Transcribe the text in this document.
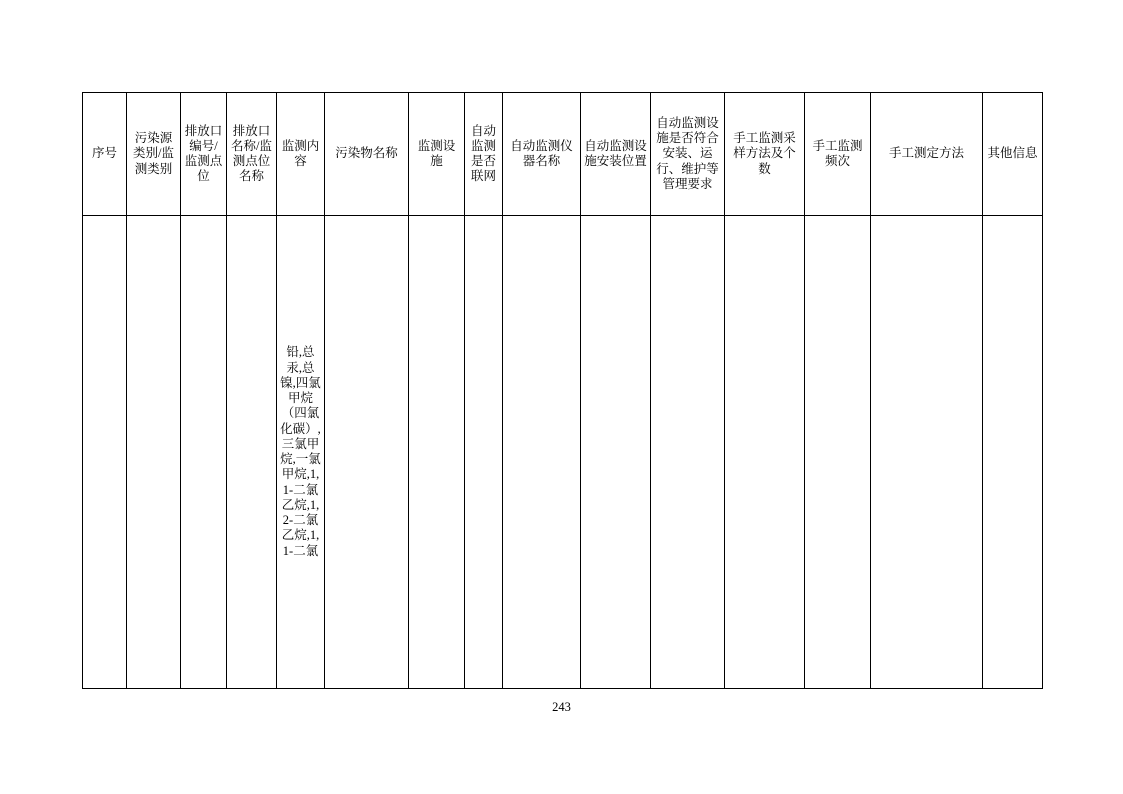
序号	污染源类别/监测类别	排放口编号/监测点位	排放口名称/监测点位名称	监测内容	污染物名称	监测设施	自动监测是否联网	自动监测仪器名称	自动监测设施安装位置	自动监测设施是否符合安装、运行、维护等管理要求	手工监测采样方法及个数	手工监测频次	手工测定方法	其他信息
				铅,总汞,总镍,四氯甲烷（四氯化碳）,三氯甲烷,一氯甲烷,1,1-二氯乙烷,1,2-二氯乙烷,1,1-二氯										
243
